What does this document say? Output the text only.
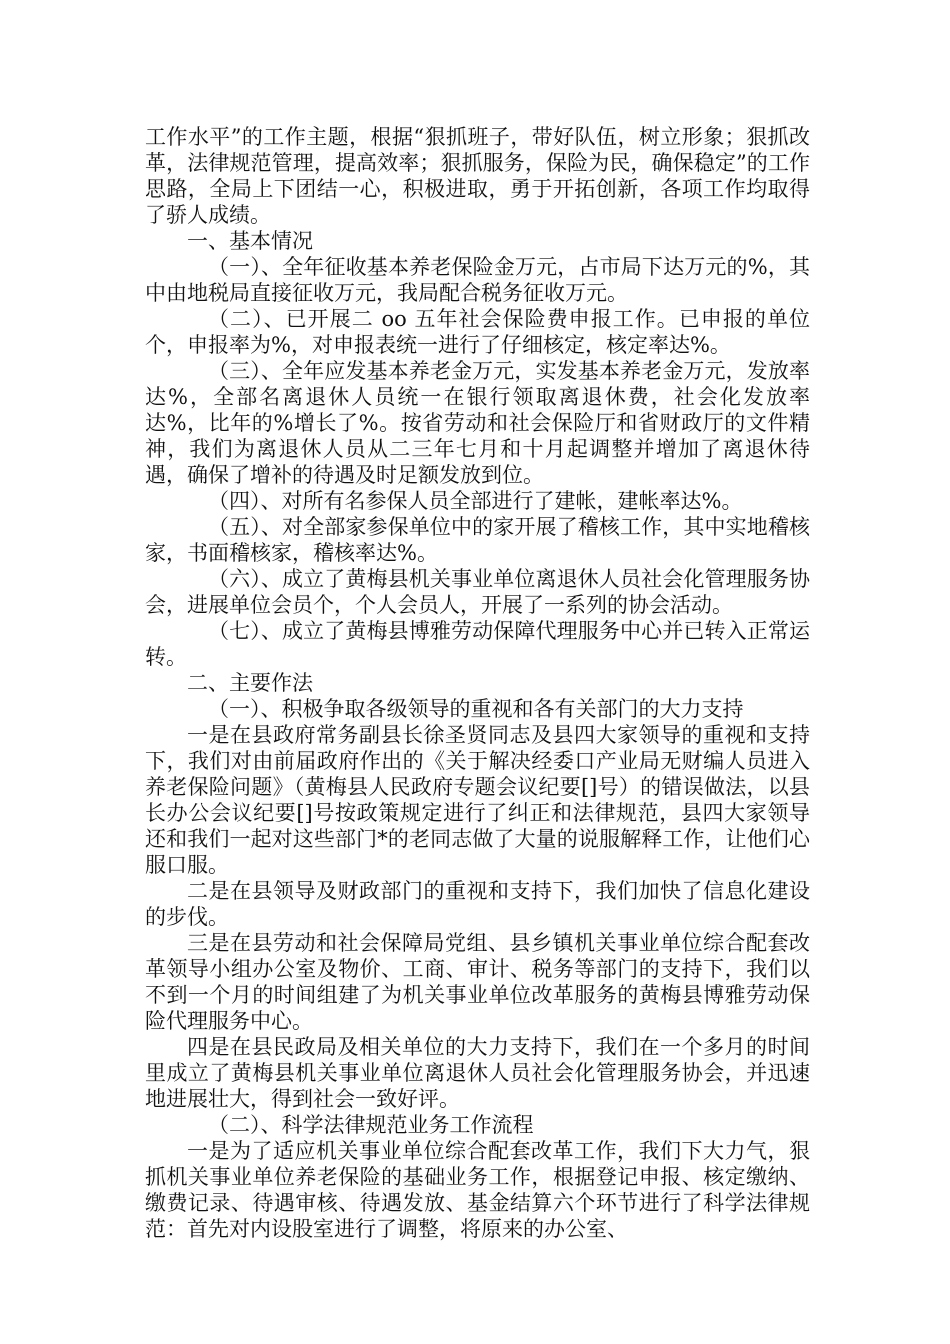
工作水平”的工作主题，根据“狠抓班子，带好队伍，树立形象；狠抓改革，法律规范管理，提高效率；狠抓服务，保险为民，确保稳定”的工作思路，全局上下团结一心，积极进取，勇于开拓创新，各项工作均取得了骄人成绩。

一、基本情况

（一）、全年征收基本养老保险金万元，占市局下达万元的%，其中由地税局直接征收万元，我局配合税务征收万元。

（二）、已开展二 oo 五年社会保险费申报工作。已申报的单位个，申报率为%，对申报表统一进行了仔细核定，核定率达%。

（三）、全年应发基本养老金万元，实发基本养老金万元，发放率达%，全部名离退休人员统一在银行领取离退休费，社会化发放率达%，比年的%增长了%。按省劳动和社会保险厅和省财政厅的文件精神，我们为离退休人员从二三年七月和十月起调整并增加了离退休待遇，确保了增补的待遇及时足额发放到位。

（四）、对所有名参保人员全部进行了建帐，建帐率达%。

（五）、对全部家参保单位中的家开展了稽核工作，其中实地稽核家，书面稽核家，稽核率达%。

（六）、成立了黄梅县机关事业单位离退休人员社会化管理服务协会，进展单位会员个，个人会员人，开展了一系列的协会活动。

（七）、成立了黄梅县博雅劳动保障代理服务中心并已转入正常运转。

二、主要作法

（一）、积极争取各级领导的重视和各有关部门的大力支持

一是在县政府常务副县长徐圣贤同志及县四大家领导的重视和支持下，我们对由前届政府作出的《关于解决经委口产业局无财编人员进入养老保险问题》（黄梅县人民政府专题会议纪要[]号）的错误做法，以县长办公会议纪要[]号按政策规定进行了纠正和法律规范，县四大家领导还和我们一起对这些部门*的老同志做了大量的说服解释工作，让他们心服口服。

二是在县领导及财政部门的重视和支持下，我们加快了信息化建设的步伐。

三是在县劳动和社会保障局党组、县乡镇机关事业单位综合配套改革领导小组办公室及物价、工商、审计、税务等部门的支持下，我们以不到一个月的时间组建了为机关事业单位改革服务的黄梅县博雅劳动保险代理服务中心。

四是在县民政局及相关单位的大力支持下，我们在一个多月的时间里成立了黄梅县机关事业单位离退休人员社会化管理服务协会，并迅速地进展壮大，得到社会一致好评。

（二）、科学法律规范业务工作流程

一是为了适应机关事业单位综合配套改革工作，我们下大力气，狠抓机关事业单位养老保险的基础业务工作，根据登记申报、核定缴纳、缴费记录、待遇审核、待遇发放、基金结算六个环节进行了科学法律规范：首先对内设股室进行了调整，将原来的办公室、
